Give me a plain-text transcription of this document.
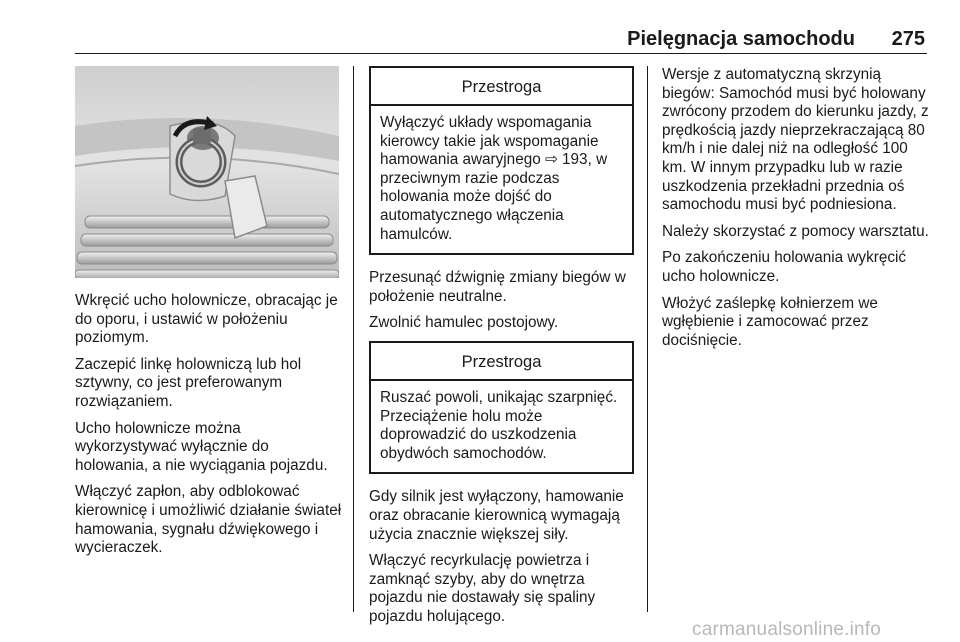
Pielęgnacja samochodu 275

Wkręcić ucho holownicze, obracając je do oporu, i ustawić w położeniu poziomym.

Zaczepić linkę holowniczą lub hol sztywny, co jest preferowanym rozwiązaniem.

Ucho holownicze można wykorzystywać wyłącznie do holowania, a nie wyciągania pojazdu.

Włączyć zapłon, aby odblokować kierownicę i umożliwić działanie świateł hamowania, sygnału dźwiękowego i wycieraczek.

Przestroga
Wyłączyć układy wspomagania kierowcy takie jak wspomaganie hamowania awaryjnego ⇨ 193, w przeciwnym razie podczas holowania może dojść do automatycznego włączenia hamulców.

Przesunąć dźwignię zmiany biegów w położenie neutralne.

Zwolnić hamulec postojowy.

Przestroga
Ruszać powoli, unikając szarpnięć. Przeciążenie holu może doprowadzić do uszkodzenia obydwóch samochodów.

Gdy silnik jest wyłączony, hamowanie oraz obracanie kierownicą wymagają użycia znacznie większej siły.

Włączyć recyrkulację powietrza i zamknąć szyby, aby do wnętrza pojazdu nie dostawały się spaliny pojazdu holującego.

Wersje z automatyczną skrzynią biegów: Samochód musi być holowany zwrócony przodem do kierunku jazdy, z prędkością jazdy nieprzekraczającą 80 km/h i nie dalej niż na odległość 100 km. W innym przypadku lub w razie uszkodzenia przekładni przednia oś samochodu musi być podniesiona.

Należy skorzystać z pomocy warsztatu.

Po zakończeniu holowania wykręcić ucho holownicze.

Włożyć zaślepkę kołnierzem we wgłębienie i zamocować przez dociśnięcie.

carmanualsonline.info
